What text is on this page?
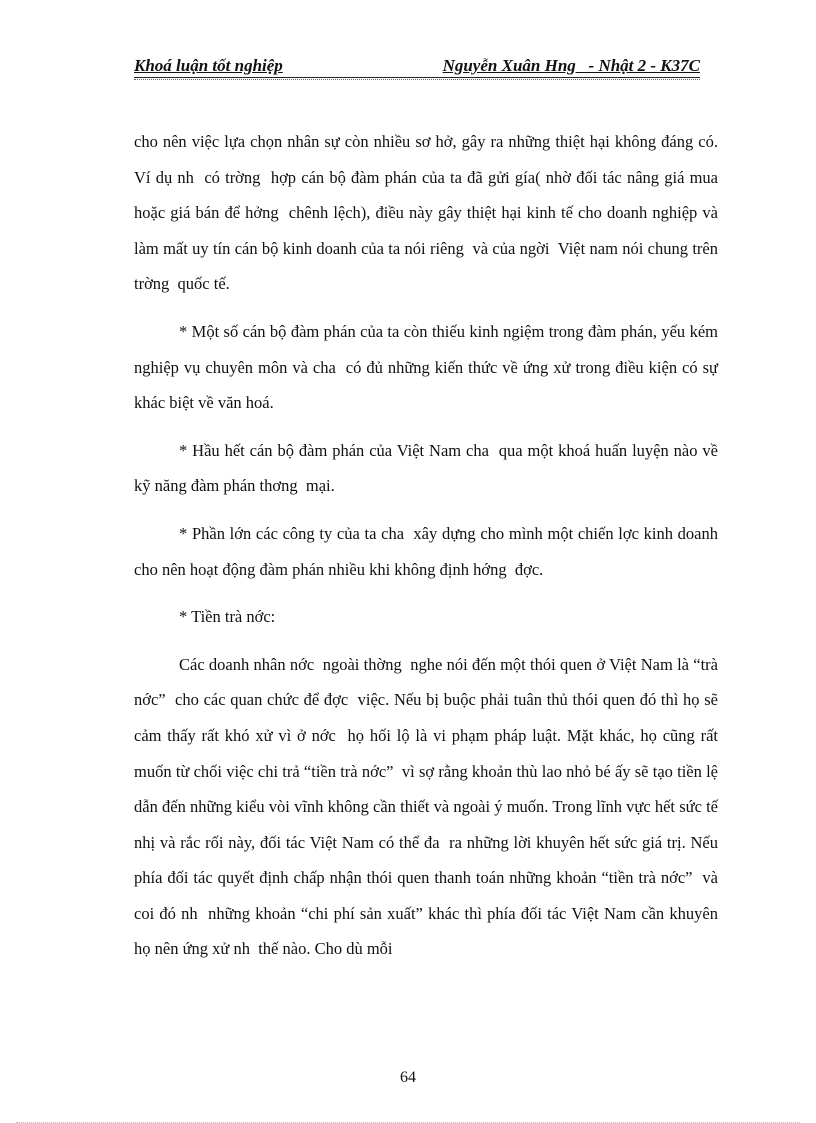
Khoá luận tốt nghiệp	Nguyễn Xuân Hng   - Nhật 2 - K37C

cho nên việc lựa chọn nhân sự còn nhiều sơ hở, gây ra những thiệt hại không đáng có. Ví dụ nh  có trờng  hợp cán bộ đàm phán của ta đã gửi gía( nhờ đối tác nâng giá mua hoặc giá bán để hởng  chênh lệch), điều này gây thiệt hại kinh tế cho doanh nghiệp và làm mất uy tín cán bộ kinh doanh của ta nói riêng  và của ngời  Việt nam nói chung trên trờng  quốc tế.

* Một số cán bộ đàm phán của ta còn thiếu kinh ngiệm trong đàm phán, yếu kém nghiệp vụ chuyên môn và cha  có đủ những kiến thức về ứng xử trong điều kiện có sự khác biệt về văn hoá.

* Hầu hết cán bộ đàm phán của Việt Nam cha  qua một khoá huấn luyện nào về kỹ năng đàm phán thơng  mại.

* Phần lớn các công ty của ta cha  xây dựng cho mình một chiến lợc kinh doanh cho nên hoạt động đàm phán nhiều khi không định hớng  đợc.

* Tiền trà nớc:

Các doanh nhân nớc  ngoài thờng  nghe nói đến một thói quen ở Việt Nam là “trà nớc”  cho các quan chức để đợc  việc. Nếu bị buộc phải tuân thủ thói quen đó thì họ sẽ cảm thấy rất khó xử vì ở nớc  họ hối lộ là vi phạm pháp luật. Mặt khác, họ cũng rất muốn từ chối việc chi trả “tiền trà nớc”  vì sợ rằng khoản thù lao nhỏ bé ấy sẽ tạo tiền lệ dẫn đến những kiểu vòi vĩnh không cần thiết và ngoài ý muốn. Trong lĩnh vực hết sức tế nhị và rắc rối này, đối tác Việt Nam có thể đa  ra những lời khuyên hết sức giá trị. Nếu phía đối tác quyết định chấp nhận thói quen thanh toán những khoản “tiền trà nớc”  và coi đó nh  những khoản “chi phí sản xuất” khác thì phía đối tác Việt Nam cần khuyên họ nên ứng xử nh  thế nào. Cho dù mỗi

64
